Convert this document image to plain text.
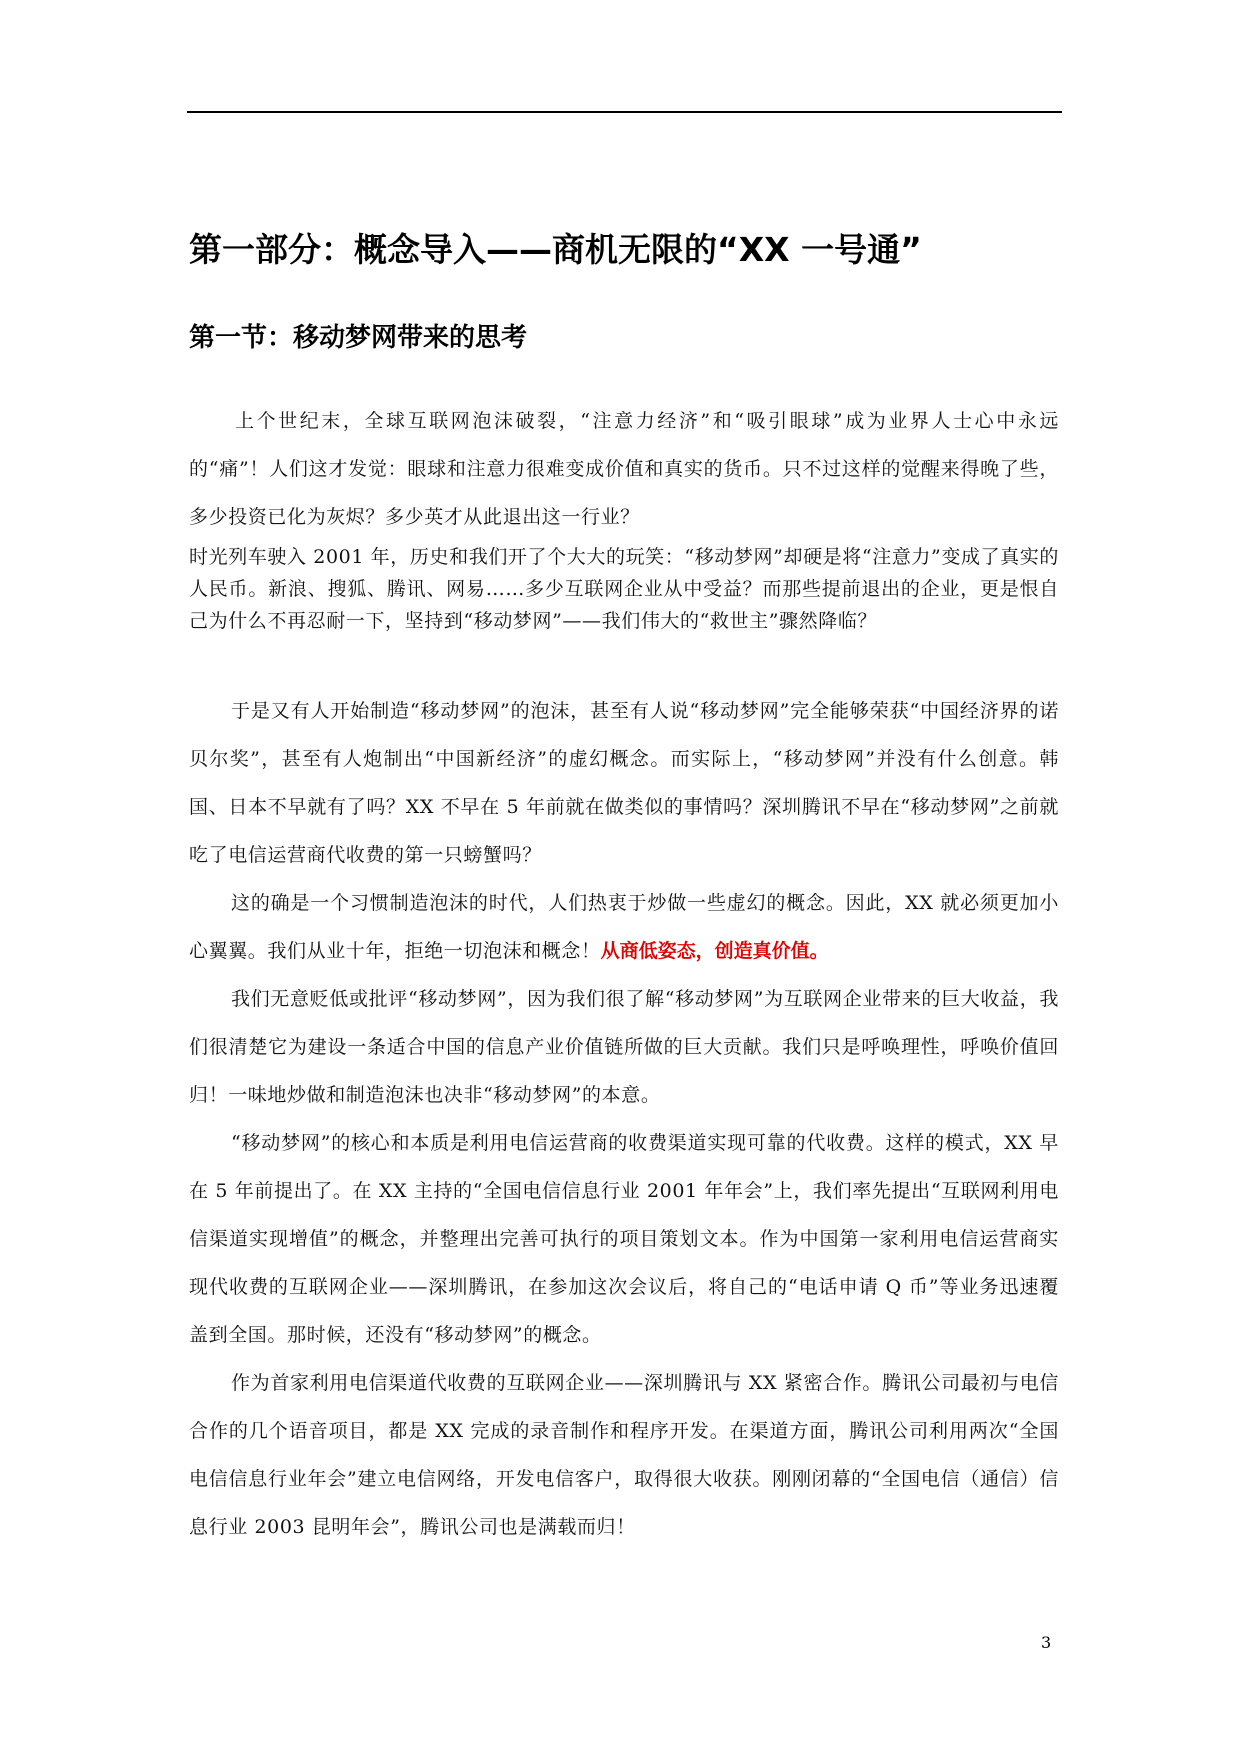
第一部分：概念导入——商机无限的“XX 一号通”
第一节：移动梦网带来的思考

上个世纪末，全球互联网泡沫破裂，“注意力经济”和“吸引眼球”成为业界人士心中永远的“痛”！人们这才发觉：眼球和注意力很难变成价值和真实的货币。只不过这样的觉醒来得晚了些，多少投资已化为灰烬？多少英才从此退出这一行业？

时光列车驶入 2001 年，历史和我们开了个大大的玩笑：“移动梦网”却硬是将“注意力”变成了真实的人民币。新浪、搜狐、腾讯、网易……多少互联网企业从中受益？而那些提前退出的企业，更是恨自己为什么不再忍耐一下，坚持到“移动梦网”——我们伟大的“救世主”骤然降临？

于是又有人开始制造“移动梦网”的泡沫，甚至有人说“移动梦网”完全能够荣获“中国经济界的诺贝尔奖”，甚至有人炮制出“中国新经济”的虚幻概念。而实际上，“移动梦网”并没有什么创意。韩国、日本不早就有了吗？XX 不早在 5 年前就在做类似的事情吗？深圳腾讯不早在“移动梦网”之前就吃了电信运营商代收费的第一只螃蟹吗？

这的确是一个习惯制造泡沫的时代，人们热衷于炒做一些虚幻的概念。因此，XX 就必须更加小心翼翼。我们从业十年，拒绝一切泡沫和概念！从商低姿态，创造真价值。

我们无意贬低或批评“移动梦网”，因为我们很了解“移动梦网”为互联网企业带来的巨大收益，我们很清楚它为建设一条适合中国的信息产业价值链所做的巨大贡献。我们只是呼唤理性，呼唤价值回归！一味地炒做和制造泡沫也决非“移动梦网”的本意。

“移动梦网”的核心和本质是利用电信运营商的收费渠道实现可靠的代收费。这样的模式，XX 早在 5 年前提出了。在 XX 主持的“全国电信信息行业 2001 年年会”上，我们率先提出“互联网利用电信渠道实现增值”的概念，并整理出完善可执行的项目策划文本。作为中国第一家利用电信运营商实现代收费的互联网企业——深圳腾讯，在参加这次会议后，将自己的“电话申请 Q 币”等业务迅速覆盖到全国。那时候，还没有“移动梦网”的概念。

作为首家利用电信渠道代收费的互联网企业——深圳腾讯与 XX 紧密合作。腾讯公司最初与电信合作的几个语音项目，都是 XX 完成的录音制作和程序开发。在渠道方面，腾讯公司利用两次“全国电信信息行业年会”建立电信网络，开发电信客户，取得很大收获。刚刚闭幕的“全国电信（通信）信息行业 2003 昆明年会”，腾讯公司也是满载而归！

3
